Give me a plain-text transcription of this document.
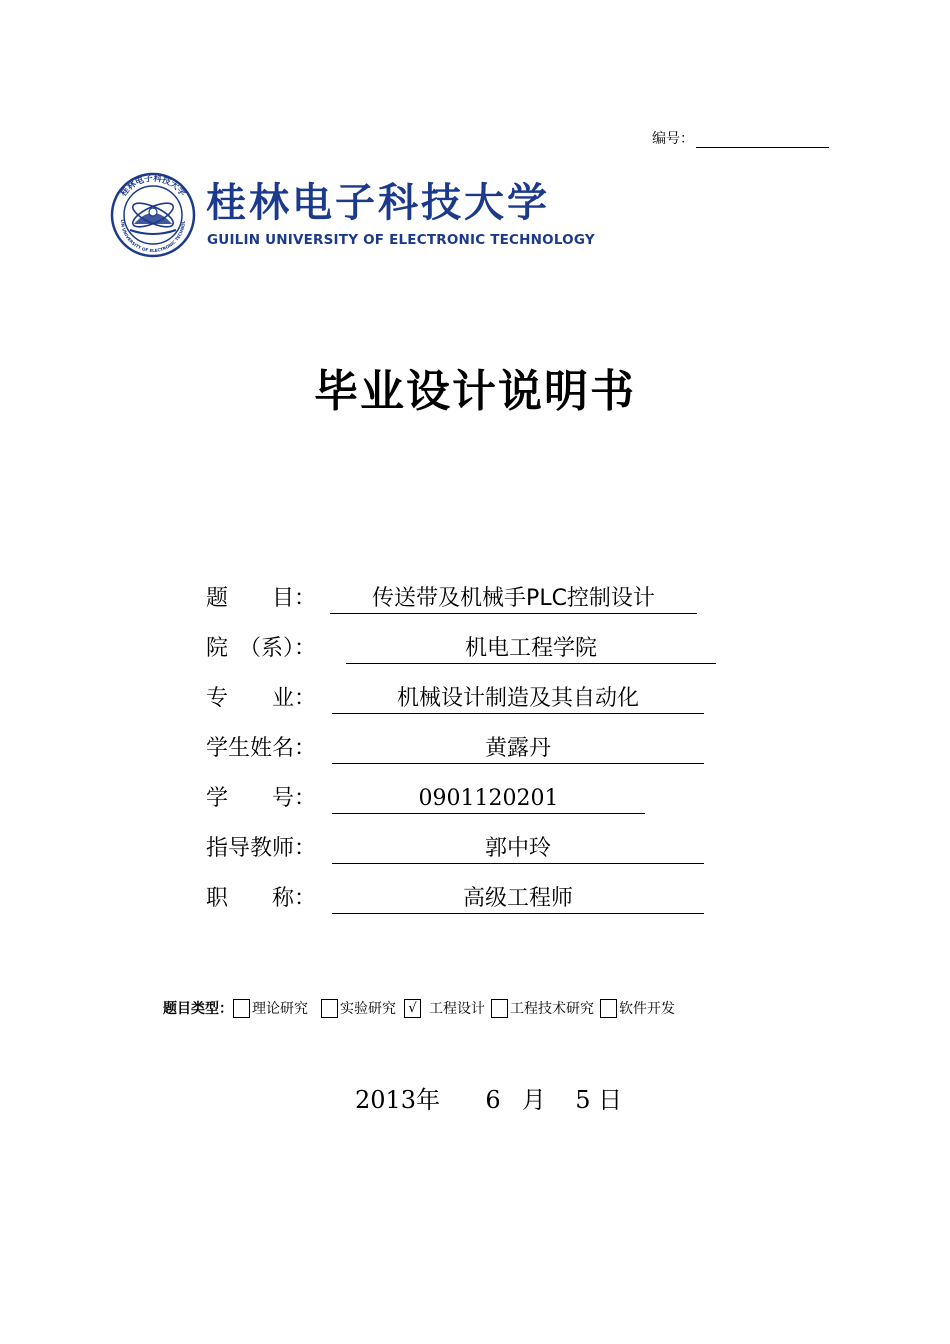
编号：
桂林电子科技大学
LIN UNIVERSITY OF ELECTRONIC TECHNOL 桂林电子科技大学
GUILIN UNIVERSITY OF ELECTRONIC TECHNOLOGY
毕业设计说明书
题　　目：	传送带及机械手PLC控制设计
院　（系）：	机电工程学院
专　　业：	机械设计制造及其自动化
学生姓名：	黄露丹
学　　号：	0901120201
指导教师：	郭中玲
职　　称：	高级工程师
题目类型： 理论研究 实验研究 √ 工程设计 工程技术研究 软件开发
2013年 6 月 5 日
